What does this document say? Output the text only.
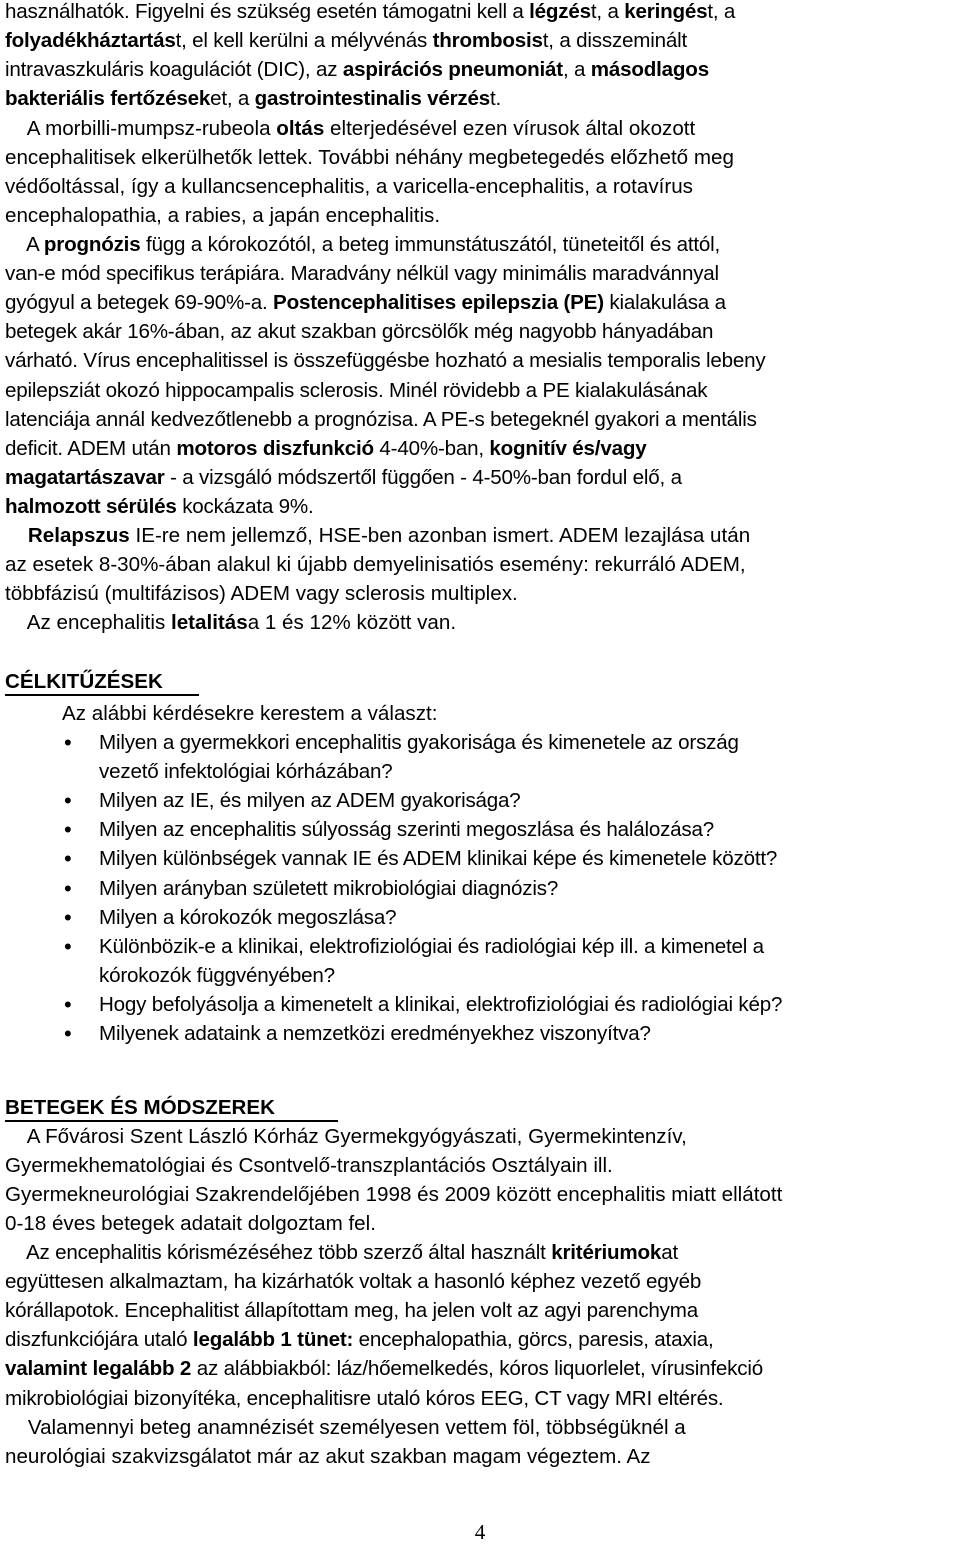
használhatók. Figyelni és szükség esetén támogatni kell a légzést, a keringést, a
folyadékháztartást, el kell kerülni a mélyvénás thrombosist, a disszeminált
intravaszkuláris koagulációt (DIC), az aspirációs pneumoniát, a másodlagos
bakteriális fertőzéseket, a gastrointestinalis vérzést.
A morbilli-mumpsz-rubeola oltás elterjedésével ezen vírusok által okozott
encephalitisek elkerülhetők lettek. További néhány megbetegedés előzhető meg
védőoltással, így a kullancsencephalitis, a varicella-encephalitis, a rotavírus
encephalopathia, a rabies, a japán encephalitis.
A prognózis függ a kórokozótól, a beteg immunstátuszától, tüneteitől és attól,
van-e mód specifikus terápiára. Maradvány nélkül vagy minimális maradvánnyal
gyógyul a betegek 69-90%-a. Postencephalitises epilepszia (PE) kialakulása a
betegek akár 16%-ában, az akut szakban görcsölők még nagyobb hányadában
várható. Vírus encephalitissel is összefüggésbe hozható a mesialis temporalis lebeny
epilepsziát okozó hippocampalis sclerosis. Minél rövidebb a PE kialakulásának
latenciája annál kedvezőtlenebb a prognózisa. A PE-s betegeknél gyakori a mentális
deficit. ADEM után motoros diszfunkció 4-40%-ban, kognitív és/vagy
magatartászavar - a vizsgáló módszertől függően - 4-50%-ban fordul elő, a
halmozott sérülés kockázata 9%.
Relapszus IE-re nem jellemző, HSE-ben azonban ismert. ADEM lezajlása után
az esetek 8-30%-ában alakul ki újabb demyelinisatiós esemény: rekurráló ADEM,
többfázisú (multifázisos) ADEM vagy sclerosis multiplex.
Az encephalitis letalitása 1 és 12% között van.
CÉLKITŰZÉSEK
Az alábbi kérdésekre kerestem a választ:
• Milyen a gyermekkori encephalitis gyakorisága és kimenetele az ország
vezető infektológiai kórházában?
• Milyen az IE, és milyen az ADEM gyakorisága?
• Milyen az encephalitis súlyosság szerinti megoszlása és halálozása?
• Milyen különbségek vannak IE és ADEM klinikai képe és kimenetele között?
• Milyen arányban született mikrobiológiai diagnózis?
• Milyen a kórokozók megoszlása?
• Különbözik-e a klinikai, elektrofiziológiai és radiológiai kép ill. a kimenetel a
kórokozók függvényében?
• Hogy befolyásolja a kimenetelt a klinikai, elektrofiziológiai és radiológiai kép?
• Milyenek adataink a nemzetközi eredményekhez viszonyítva?
BETEGEK ÉS MÓDSZEREK
A Fővárosi Szent László Kórház Gyermekgyógyászati, Gyermekintenzív,
Gyermekhematológiai és Csontvelő-transzplantációs Osztályain ill.
Gyermekneurológiai Szakrendelőjében 1998 és 2009 között encephalitis miatt ellátott
0-18 éves betegek adatait dolgoztam fel.
Az encephalitis kórismézéséhez több szerző által használt kritériumokat
együttesen alkalmaztam, ha kizárhatók voltak a hasonló képhez vezető egyéb
kórállapotok. Encephalitist állapítottam meg, ha jelen volt az agyi parenchyma
diszfunkciójára utaló legalább 1 tünet: encephalopathia, görcs, paresis, ataxia,
valamint legalább 2 az alábbiakból: láz/hőemelkedés, kóros liquorlelet, vírusinfekció
mikrobiológiai bizonyítéka, encephalitisre utaló kóros EEG, CT vagy MRI eltérés.
Valamennyi beteg anamnézisét személyesen vettem föl, többségüknél a
neurológiai szakvizsgálatot már az akut szakban magam végeztem. Az
4
